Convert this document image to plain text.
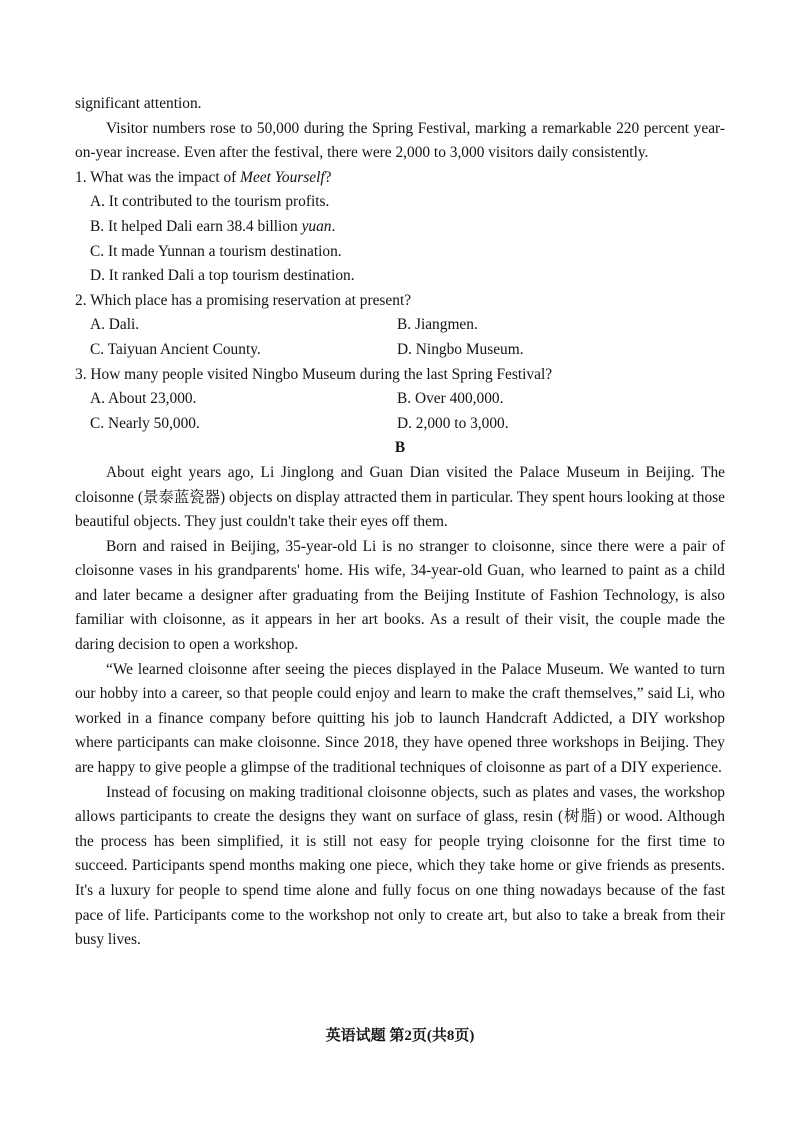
significant attention.

Visitor numbers rose to 50,000 during the Spring Festival, marking a remarkable 220 percent year-on-year increase. Even after the festival, there were 2,000 to 3,000 visitors daily consistently.

1. What was the impact of Meet Yourself?

A. It contributed to the tourism profits.

B. It helped Dali earn 38.4 billion yuan.

C. It made Yunnan a tourism destination.

D. It ranked Dali a top tourism destination.

2. Which place has a promising reservation at present?

A. Dali.	B. Jiangmen.
C. Taiyuan Ancient County.	D. Ningbo Museum.

3. How many people visited Ningbo Museum during the last Spring Festival?

A. About 23,000.	B. Over 400,000.
C. Nearly 50,000.	D. 2,000 to 3,000.

B

About eight years ago, Li Jinglong and Guan Dian visited the Palace Museum in Beijing. The cloisonne (景泰蓝瓷器) objects on display attracted them in particular. They spent hours looking at those beautiful objects. They just couldn't take their eyes off them.

Born and raised in Beijing, 35-year-old Li is no stranger to cloisonne, since there were a pair of cloisonne vases in his grandparents' home. His wife, 34-year-old Guan, who learned to paint as a child and later became a designer after graduating from the Beijing Institute of Fashion Technology, is also familiar with cloisonne, as it appears in her art books. As a result of their visit, the couple made the daring decision to open a workshop.

“We learned cloisonne after seeing the pieces displayed in the Palace Museum. We wanted to turn our hobby into a career, so that people could enjoy and learn to make the craft themselves,” said Li, who worked in a finance company before quitting his job to launch Handcraft Addicted, a DIY workshop where participants can make cloisonne. Since 2018, they have opened three workshops in Beijing. They are happy to give people a glimpse of the traditional techniques of cloisonne as part of a DIY experience.

Instead of focusing on making traditional cloisonne objects, such as plates and vases, the workshop allows participants to create the designs they want on surface of glass, resin (树脂) or wood. Although the process has been simplified, it is still not easy for people trying cloisonne for the first time to succeed. Participants spend months making one piece, which they take home or give friends as presents. It's a luxury for people to spend time alone and fully focus on one thing nowadays because of the fast pace of life. Participants come to the workshop not only to create art, but also to take a break from their busy lives.

英语试题 第2页(共8页)
